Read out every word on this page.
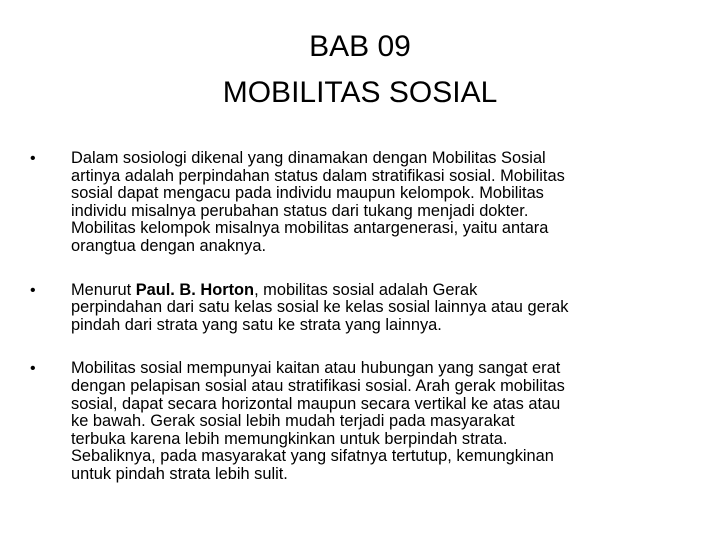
BAB 09
MOBILITAS SOSIAL
•	Dalam sosiologi dikenal yang dinamakan dengan Mobilitas Sosial
artinya adalah perpindahan status dalam stratifikasi sosial. Mobilitas
sosial dapat mengacu pada individu maupun kelompok. Mobilitas
individu misalnya perubahan status dari tukang menjadi dokter.
Mobilitas kelompok misalnya mobilitas antargenerasi, yaitu antara
orangtua dengan anaknya.
•	Menurut Paul. B. Horton, mobilitas sosial adalah Gerak
perpindahan dari satu kelas sosial ke kelas sosial lainnya atau gerak
pindah dari strata yang satu ke strata yang lainnya.
•	Mobilitas sosial mempunyai kaitan atau hubungan yang sangat erat
dengan pelapisan sosial atau stratifikasi sosial. Arah gerak mobilitas
sosial, dapat secara horizontal maupun secara vertikal ke atas atau
ke bawah. Gerak sosial lebih mudah terjadi pada masyarakat
terbuka karena lebih memungkinkan untuk berpindah strata.
Sebaliknya, pada masyarakat yang sifatnya tertutup, kemungkinan
untuk pindah strata lebih sulit.
